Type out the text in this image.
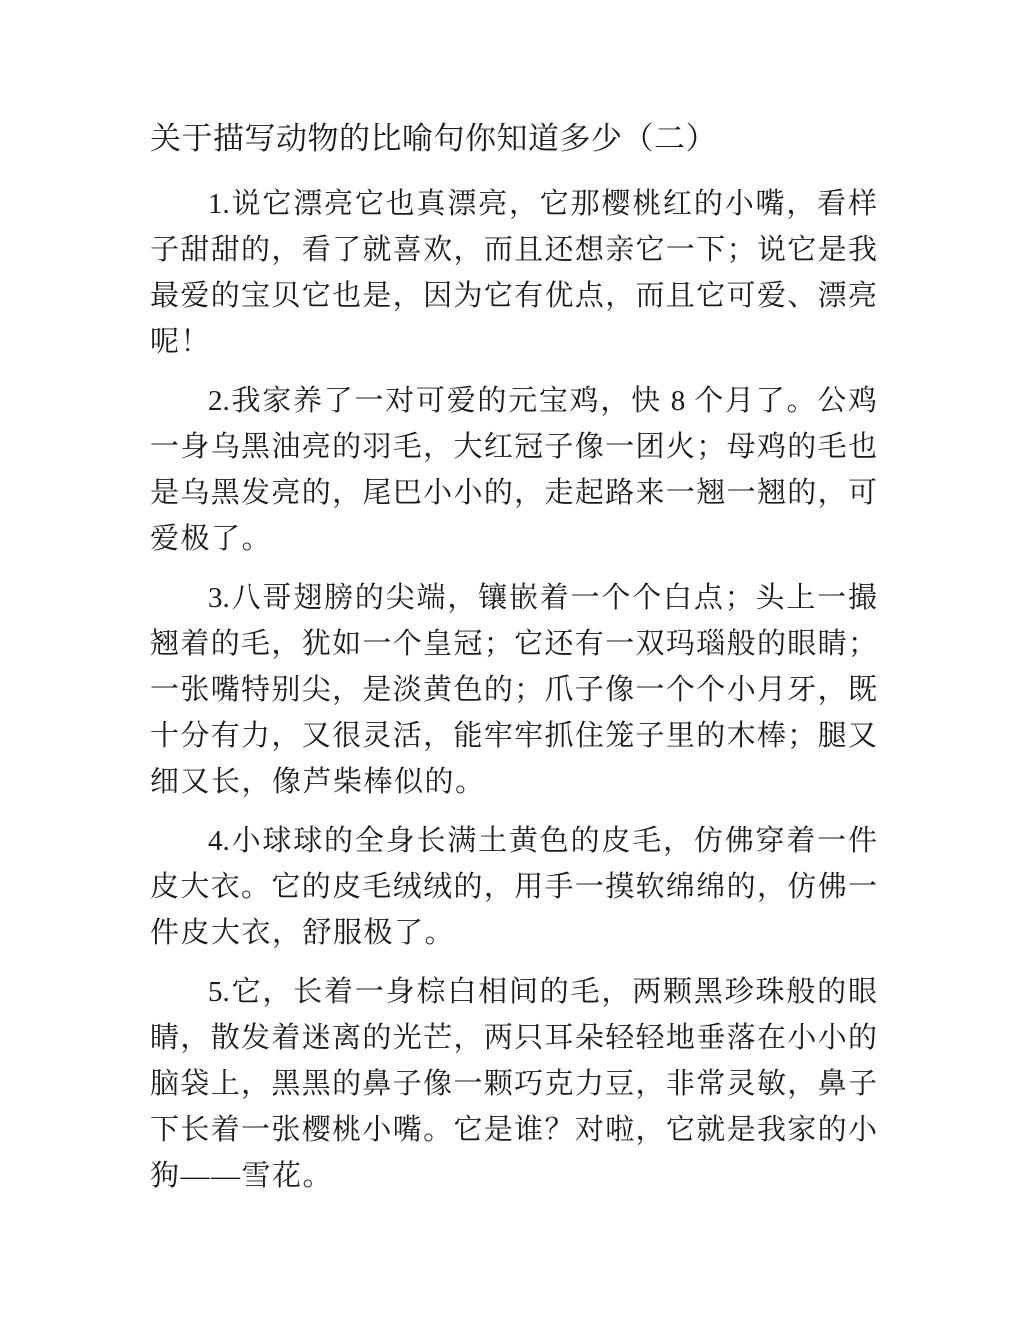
关于描写动物的比喻句你知道多少（二）
1.说它漂亮它也真漂亮，它那樱桃红的小嘴，看样
子甜甜的，看了就喜欢，而且还想亲它一下；说它是我
最爱的宝贝它也是，因为它有优点，而且它可爱、漂亮
呢！
2.我家养了一对可爱的元宝鸡，快 8 个月了。公鸡
一身乌黑油亮的羽毛，大红冠子像一团火；母鸡的毛也
是乌黑发亮的，尾巴小小的，走起路来一翘一翘的，可
爱极了。
3.八哥翅膀的尖端，镶嵌着一个个白点；头上一撮
翘着的毛，犹如一个皇冠；它还有一双玛瑙般的眼睛；
一张嘴特别尖，是淡黄色的；爪子像一个个小月牙，既
十分有力，又很灵活，能牢牢抓住笼子里的木棒；腿又
细又长，像芦柴棒似的。
4.小球球的全身长满土黄色的皮毛，仿佛穿着一件
皮大衣。它的皮毛绒绒的，用手一摸软绵绵的，仿佛一
件皮大衣，舒服极了。
5.它，长着一身棕白相间的毛，两颗黑珍珠般的眼
睛，散发着迷离的光芒，两只耳朵轻轻地垂落在小小的
脑袋上，黑黑的鼻子像一颗巧克力豆，非常灵敏，鼻子
下长着一张樱桃小嘴。它是谁？对啦，它就是我家的小
狗——雪花。
